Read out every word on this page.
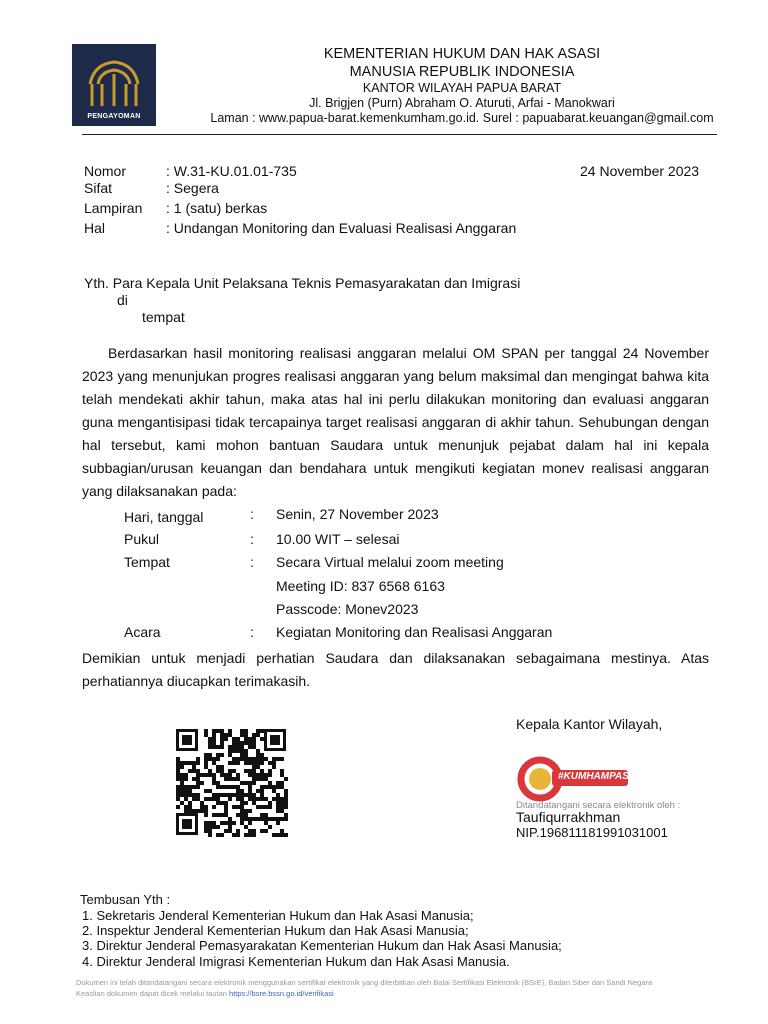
PENGAYOMAN
KEMENTERIAN HUKUM DAN HAK ASASI
MANUSIA REPUBLIK INDONESIA
KANTOR WILAYAH PAPUA BARAT
Jl. Brigjen (Purn) Abraham O. Aturuti, Arfai - Manokwari
Laman : www.papua-barat.kemenkumham.go.id. Surel : papuabarat.keuangan@gmail.com
Nomor	: W.31-KU.01.01-735	24 November 2023
Sifat	: Segera
Lampiran : 1 (satu) berkas
Hal	: Undangan Monitoring dan Evaluasi Realisasi Anggaran
Yth. Para Kepala Unit Pelaksana Teknis Pemasyarakatan dan Imigrasi
di
tempat
Berdasarkan hasil monitoring realisasi anggaran melalui OM SPAN per tanggal 24 November
2023 yang menunjukan progres realisasi anggaran yang belum maksimal dan mengingat bahwa kita
telah mendekati akhir tahun, maka atas hal ini perlu dilakukan monitoring dan evaluasi anggaran
guna mengantisipasi tidak tercapainya target realisasi anggaran di akhir tahun. Sehubungan dengan
hal tersebut, kami mohon bantuan Saudara untuk menunjuk pejabat dalam hal ini kepala
subbagian/urusan keuangan dan bendahara untuk mengikuti kegiatan monev realisasi anggaran
yang dilaksanakan pada:
Hari, tanggal	: Senin, 27 November 2023
Pukul	: 10.00 WIT – selesai
Tempat	: Secara Virtual melalui zoom meeting
Meeting ID: 837 6568 6163
Passcode: Monev2023
Acara	: Kegiatan Monitoring dan Realisasi Anggaran
Demikian untuk menjadi perhatian Saudara dan dilaksanakan sebagaimana mestinya. Atas
perhatiannya diucapkan terimakasih.
Kepala Kantor Wilayah,
#KUMHAMPASTI
Ditandatangani secara elektronik oleh :
Taufiqurrakhman
NIP.196811181991031001
Tembusan Yth :
1. Sekretaris Jenderal Kementerian Hukum dan Hak Asasi Manusia;
2. Inspektur Jenderal Kementerian Hukum dan Hak Asasi Manusia;
3. Direktur Jenderal Pemasyarakatan Kementerian Hukum dan Hak Asasi Manusia;
4. Direktur Jenderal Imigrasi Kementerian Hukum dan Hak Asasi Manusia.
Dokumen ini telah ditandatangani secara elektronik menggunakan sertifikat elektronik yang diterbitkan oleh Balai Sertifikasi Elektronik (BSrE), Badan Siber dan Sandi Negara
Keaslian dokumen dapat dicek melalui tautan https://bsre.bssn.go.id/verifikasi
